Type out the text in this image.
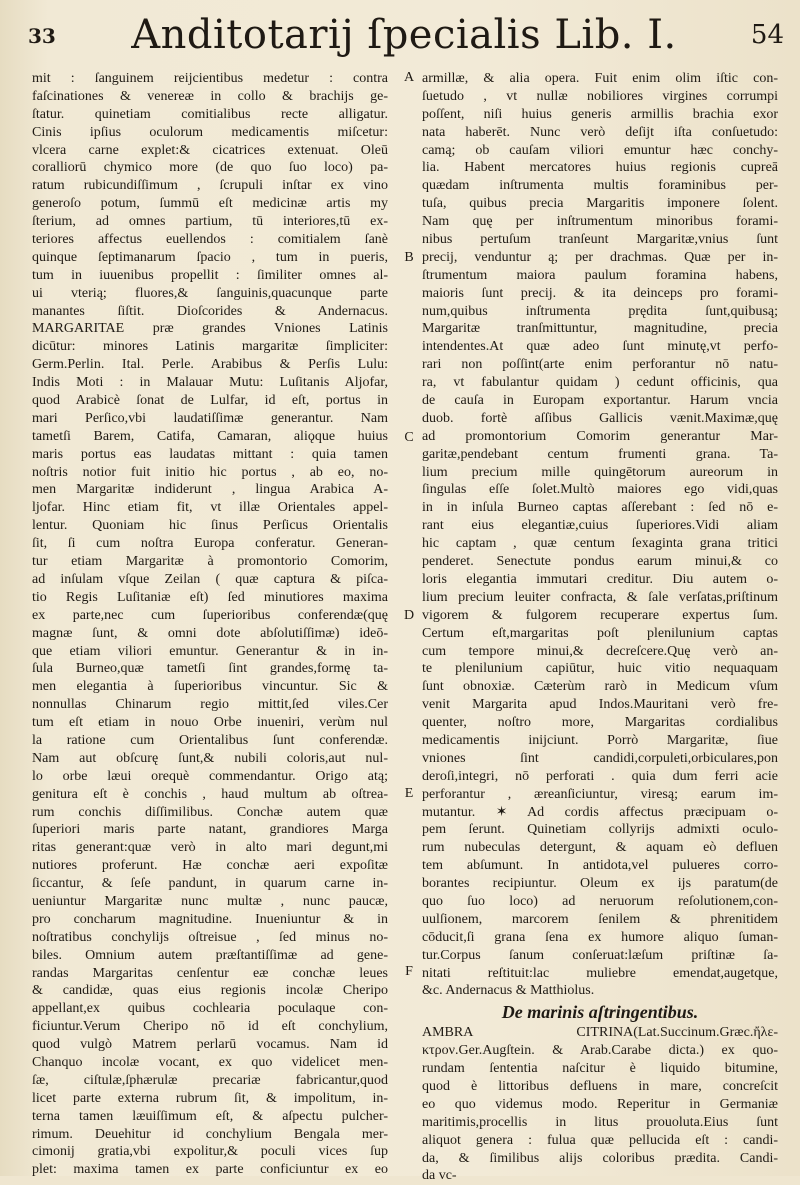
33	Anditotarij ſpecialis Lib. I.	54
mit : ſanguinem reijcientibus medetur : contra
faſcinationes & venereæ in collo & brachijs ge-
ſtatur. quinetiam comitialibus recte alligatur.
Cinis ipſius oculorum medicamentis miſcetur:
vlcera carne explet:& cicatrices extenuat. Oleū
coralliorū chymico more (de quo ſuo loco) pa-
ratum rubicundiſſimum , ſcrupuli inſtar ex vino
generoſo potum, ſummū eſt medicinæ artis my
ſterium, ad omnes partium, tū interiores,tū ex-
teriores affectus euellendos : comitialem ſanè
quinque ſeptimanarum ſpacio , tum in pueris,
tum in iuuenibus propellit : ſimiliter omnes al-
ui vterią; fluores,& ſanguinis,quacunque parte
manantes ſiſtit. Dioſcorides & Andernacus.
MARGARITAE præ grandes Vniones Latinis
dicūtur: minores Latinis margaritæ ſimpliciter:
Germ.Perlin. Ital. Perle. Arabibus & Perſis Lulu:
Indis Moti : in Malauar Mutu: Luſitanis Aljofar,
quod Arabicè ſonat de Lulfar, id eſt, portus in
mari Perſico,vbi laudatiſſimæ generantur. Nam
tametſi Barem, Catifa, Camaran, aliǫque huius
maris portus eas laudatas mittant : quia tamen
noſtris notior fuit initio hic portus , ab eo, no-
men Margaritæ indiderunt , lingua Arabica A-
ljofar. Hinc etiam fit, vt illæ Orientales appel-
lentur. Quoniam hic ſinus Perſicus Orientalis
ſit, ſi cum noſtra Europa conferatur. Generan-
tur etiam Margaritæ à promontorio Comorim,
ad inſulam vſque Zeilan ( quæ captura & piſca-
tio Regis Luſitaniæ eſt) ſed minutiores maxima
ex parte,nec cum ſuperioribus conferendæ(quę
magnæ ſunt, & omni dote abſolutiſſimæ) ideō-
que etiam viliori emuntur. Generantur & in in-
ſula Burneo,quæ tametſi ſint grandes,formę ta-
men elegantia à ſuperioribus vincuntur. Sic &
nonnullas Chinarum regio mittit,ſed viles.Cer
tum eſt etiam in nouo Orbe inueniri, verùm nul
la ratione cum Orientalibus ſunt conferendæ.
Nam aut obſcurę ſunt,& nubili coloris,aut nul-
lo orbe læui orequè commendantur. Origo atą;
genitura eſt è conchis , haud multum ab oſtrea-
rum conchis diſſimilibus. Conchæ autem quæ
ſuperiori maris parte natant, grandiores Marga
ritas generant:quæ verò in alto mari degunt,mi
nutiores proferunt. Hæ conchæ aeri expoſitæ
ſiccantur, & ſeſe pandunt, in quarum carne in-
ueniuntur Margaritæ nunc multæ , nunc paucæ,
pro concharum magnitudine. Inueniuntur & in
noſtratibus conchylijs oſtreisue , ſed minus no-
biles. Omnium autem præſtantiſſimæ ad gene-
randas Margaritas cenſentur eæ conchæ leues
& candidæ, quas eius regionis incolæ Cheripo
appellant,ex quibus cochlearia poculaque con-
ficiuntur.Verum Cheripo nō id eſt conchylium,
quod vulgò Matrem perlarū vocamus. Nam id
Chanquo incolæ vocant, ex quo videlicet men-
ſæ, ciſtulæ,ſphærulæ precariæ fabricantur,quod
licet parte externa rubrum ſit, & impolitum, in-
terna tamen læuiſſimum eſt, & aſpectu pulcher-
rimum. Deuehitur id conchylium Bengala mer-
cimonij gratia,vbi expolitur,& poculi vices ſup
plet: maxima tamen ex parte conficiuntur ex eo
A
B
C
D
E
F
armillæ, & alia opera. Fuit enim olim iſtic con-
ſuetudo , vt nullæ nobiliores virgines corrumpi
poſſent, niſi huius generis armillis brachia exor
nata haberēt. Nunc verò deſijt iſta conſuetudo:
camą; ob cauſam viliori emuntur hæc conchy-
lia. Habent mercatores huius regionis cupreā
quædam inſtrumenta multis foraminibus per-
tuſa, quibus precia Margaritis imponere ſolent.
Nam quę per inſtrumentum minoribus forami-
nibus pertuſum tranſeunt Margaritæ,vnius ſunt
precij, venduntur ą; per drachmas. Quæ per in-
ſtrumentum maiora paulum foramina habens,
maioris ſunt precij. & ita deinceps pro forami-
num,quibus inſtrumenta prędita ſunt,quibusą;
Margaritæ tranſmittuntur, magnitudine, precia
intendentes.At quæ adeo ſunt minutę,vt perfo-
rari non poſſint(arte enim perforantur nō natu-
ra, vt fabulantur quidam ) cedunt officinis, qua
de cauſa in Europam exportantur. Harum vncia
duob. fortè aſſibus Gallicis vænit.Maximæ,quę
ad promontorium Comorim generantur Mar-
garitæ,pendebant centum frumenti grana. Ta-
lium precium mille quingētorum aureorum in
ſingulas eſſe ſolet.Multò maiores ego vidi,quas
in in inſula Burneo captas aſſerebant : ſed nō e-
rant eius elegantiæ,cuius ſuperiores.Vidi aliam
hic captam , quæ centum ſexaginta grana tritici
penderet. Senectute pondus earum minui,& co
loris elegantia immutari creditur. Diu autem o-
lium precium leuiter confracta, & ſale verſatas,priſtinum
vigorem & fulgorem recuperare expertus ſum.
Certum eſt,margaritas poſt plenilunium captas
cum tempore minui,& decreſcere.Quę verò an-
te plenilunium capiūtur, huic vitio nequaquam
ſunt obnoxiæ. Cæterùm rarò in Medicum vſum
venit Margarita apud Indos.Mauritani verò fre-
quenter, noſtro more, Margaritas cordialibus
medicamentis inijciunt. Porrò Margaritæ, ſiue
vniones ſint candidi,corpuleti,orbiculares,pon
deroſi,integri, nō perforati . quia dum ferri acie
perforantur , æreanſiciuntur, viresą; earum im-
mutantur. ✶ Ad cordis affectus præcipuam o-
pem ſerunt. Quinetiam collyrijs admixti oculo-
rum nubeculas detergunt, & aquam eò defluen
tem abſumunt. In antidota,vel pulueres corro-
borantes recipiuntur. Oleum ex ijs paratum(de
quo ſuo loco) ad neruorum reſolutionem,con-
uulſionem, marcorem ſenilem & phrenitidem
cōducit,ſi grana ſena ex humore aliquo ſuman-
tur.Corpus ſanum conſeruat:læſum priſtinæ ſa-
nitati reſtituit:lac muliebre emendat,augetque,
&c. Andernacus & Matthiolus.
De marinis aſtringentibus.
AMBRA CITRINA(Lat.Succinum.Græc.ἤλε-
κτρον.Ger.Augſtein. & Arab.Carabe dicta.) ex quo-
rundam ſententia naſcitur è liquido bitumine,
quod è littoribus defluens in mare, concreſcit
eo quo videmus modo. Reperitur in Germaniæ
maritimis,procellis in litus prouoluta.Eius ſunt
aliquot genera : fulua quæ pellucida eſt : candi-
da, & ſimilibus alijs coloribus prædita. Candi-
da vc-
